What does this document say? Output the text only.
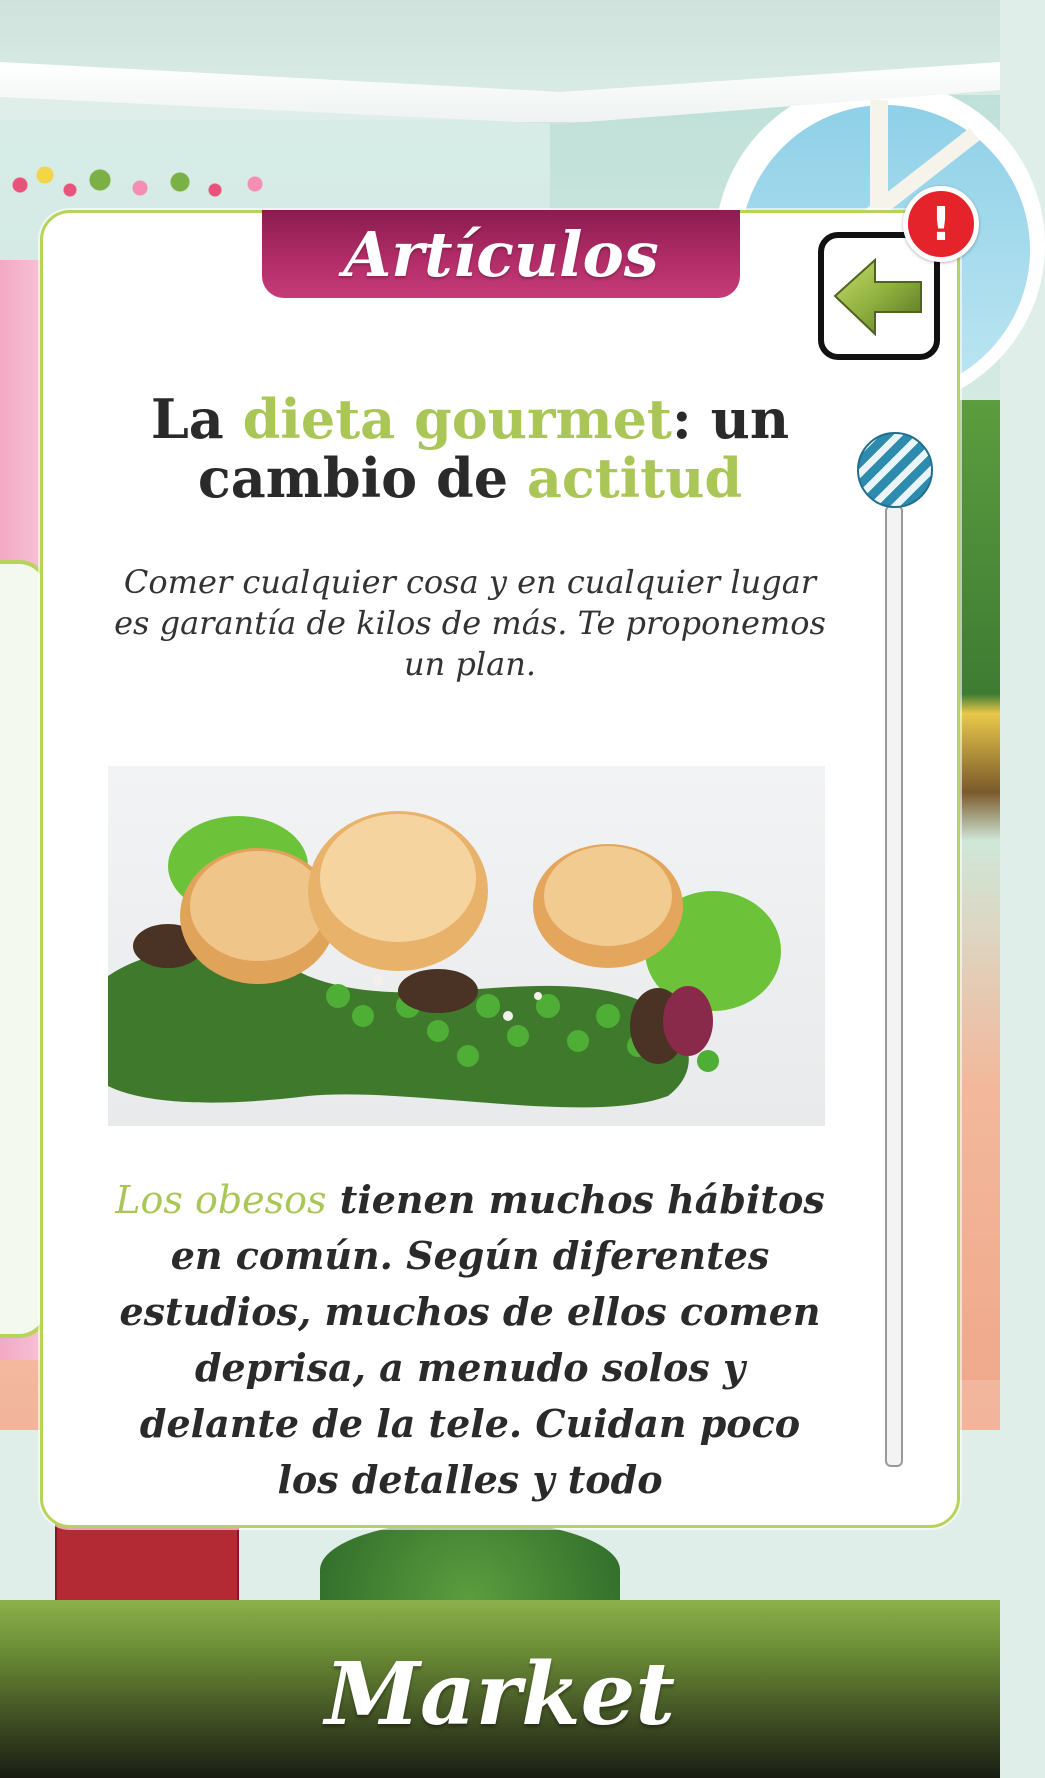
Artículos	!
La dieta gourmet: un cambio de actitud
Comer cualquier cosa y en cualquier lugar es garantía de kilos de más. Te proponemos un plan.
Los obesos tienen muchos hábitos en común. Según diferentes estudios, muchos de ellos comen deprisa, a menudo solos y delante de la tele. Cuidan poco los detalles y todo
Market
